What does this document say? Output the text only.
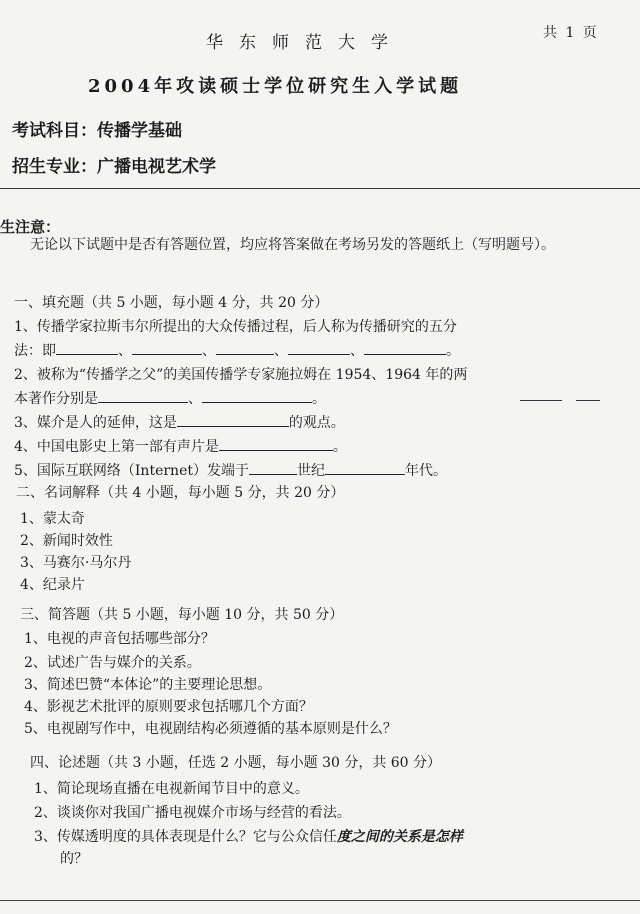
华东师范大学	共 1 页
2004年攻读硕士学位研究生入学试题
考试科目：传播学基础
招生专业：广播电视艺术学
生注意：
无论以下试题中是否有答题位置，均应将答案做在考场另发的答题纸上（写明题号）。
一、填充题（共 5 小题，每小题 4 分，共 20 分）
1、传播学家拉斯韦尔所提出的大众传播过程，后人称为传播研究的五分
法：即	、	、	、	、	。
2、被称为“传播学之父”的美国传播学专家施拉姆在 1954、1964 年的两
本著作分别是	、	。
3、媒介是人的延伸，这是	的观点。
4、中国电影史上第一部有声片是	。
5、国际互联网络（Internet）发端于	世纪	年代。
二、名词解释（共 4 小题，每小题 5 分，共 20 分）
1、蒙太奇
2、新闻时效性
3、马赛尔·马尔丹
4、纪录片
三、简答题（共 5 小题，每小题 10 分，共 50 分）
1、电视的声音包括哪些部分？
2、试述广告与媒介的关系。
3、简述巴赞“本体论”的主要理论思想。
4、影视艺术批评的原则要求包括哪几个方面？
5、电视剧写作中，电视剧结构必须遵循的基本原则是什么？
四、论述题（共 3 小题，任选 2 小题，每小题 30 分，共 60 分）
1、简论现场直播在电视新闻节目中的意义。
2、谈谈你对我国广播电视媒介市场与经营的看法。
3、传媒透明度的具体表现是什么？它与公众信任度之间的关系是怎样
的？
